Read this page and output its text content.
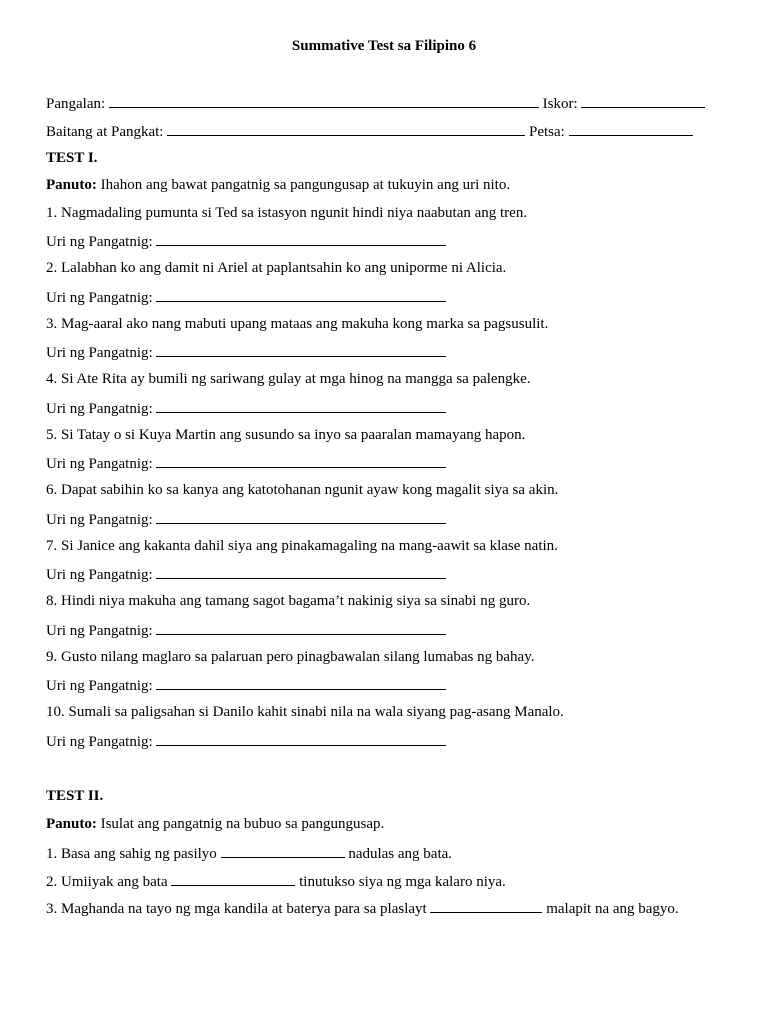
Summative Test sa Filipino 6
Pangalan:	Iskor:
Baitang at Pangkat:	Petsa:
TEST I.
Panuto: Ihahon ang bawat pangatnig sa pangungusap at tukuyin ang uri nito.
1. Nagmadaling pumunta si Ted sa istasyon ngunit hindi niya naabutan ang tren.
Uri ng Pangatnig:
2. Lalabhan ko ang damit ni Ariel at paplantsahin ko ang uniporme ni Alicia.
Uri ng Pangatnig:
3. Mag-aaral ako nang mabuti upang mataas ang makuha kong marka sa pagsusulit.
Uri ng Pangatnig:
4. Si Ate Rita ay bumili ng sariwang gulay at mga hinog na mangga sa palengke.
Uri ng Pangatnig:
5. Si Tatay o si Kuya Martin ang susundo sa inyo sa paaralan mamayang hapon.
Uri ng Pangatnig:
6. Dapat sabihin ko sa kanya ang katotohanan ngunit ayaw kong magalit siya sa akin.
Uri ng Pangatnig:
7. Si Janice ang kakanta dahil siya ang pinakamagaling na mang-aawit sa klase natin.
Uri ng Pangatnig:
8. Hindi niya makuha ang tamang sagot bagama’t nakinig siya sa sinabi ng guro.
Uri ng Pangatnig:
9. Gusto nilang maglaro sa palaruan pero pinagbawalan silang lumabas ng bahay.
Uri ng Pangatnig:
10. Sumali sa paligsahan si Danilo kahit sinabi nila na wala siyang pag-asang Manalo.
Uri ng Pangatnig:
TEST II.
Panuto: Isulat ang pangatnig na bubuo sa pangungusap.
1. Basa ang sahig ng pasilyo	nadulas ang bata.
2. Umiiyak ang bata	tinutukso siya ng mga kalaro niya.
3. Maghanda na tayo ng mga kandila at baterya para sa plaslayt	malapit na ang bagyo.
